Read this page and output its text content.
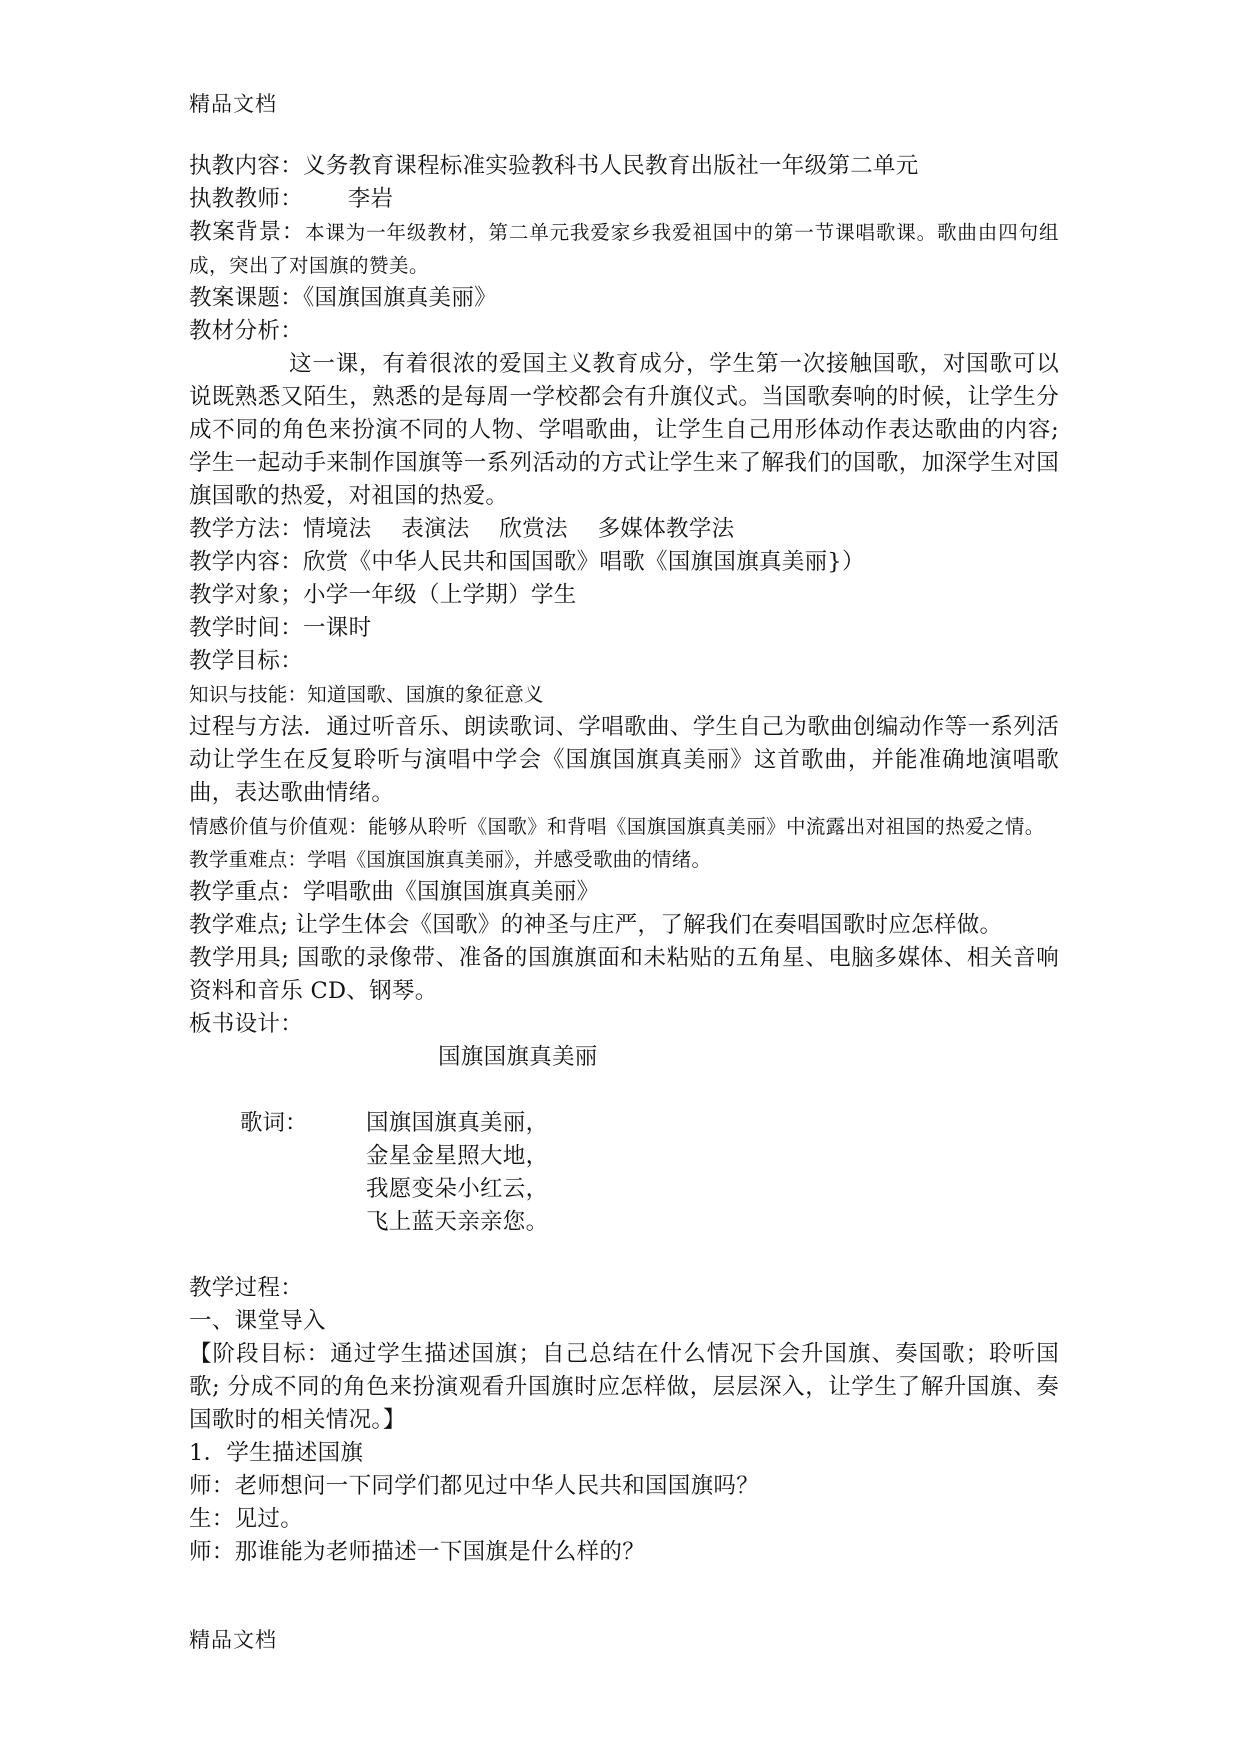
精品文档
执教内容：义务教育课程标准实验教科书人民教育出版社一年级第二单元
执教教师：      李岩
教案背景：本课为一年级教材，第二单元我爱家乡我爱祖国中的第一节课唱歌课。歌曲由四句组成，突出了对国旗的赞美。
教案课题：《国旗国旗真美丽》
教材分析：
这一课，有着很浓的爱国主义教育成分，学生第一次接触国歌，对国歌可以说既熟悉又陌生，熟悉的是每周一学校都会有升旗仪式。当国歌奏响的时候，让学生分成不同的角色来扮演不同的人物、学唱歌曲，让学生自己用形体动作表达歌曲的内容; 学生一起动手来制作国旗等一系列活动的方式让学生来了解我们的国歌，加深学生对国旗国歌的热爱，对祖国的热爱。
教学方法：情境法    表演法    欣赏法    多媒体教学法
教学内容：欣赏《中华人民共和国国歌》唱歌《国旗国旗真美丽}）
教学对象；小学一年级（上学期）学生
教学时间：一课时
教学目标：
知识与技能：知道国歌、国旗的象征意义
过程与方法．通过听音乐、朗读歌词、学唱歌曲、学生自己为歌曲创编动作等一系列活动让学生在反复聆听与演唱中学会《国旗国旗真美丽》这首歌曲，并能准确地演唱歌曲，表达歌曲情绪。
情感价值与价值观：能够从聆听《国歌》和背唱《国旗国旗真美丽》中流露出对祖国的热爱之情。
教学重难点：学唱《国旗国旗真美丽》，并感受歌曲的情绪。
教学重点：学唱歌曲《国旗国旗真美丽》
教学难点; 让学生体会《国歌》的神圣与庄严，了解我们在奏唱国歌时应怎样做。
教学用具; 国歌的录像带、准备的国旗旗面和未粘贴的五角星、电脑多媒体、相关音响资料和音乐 CD、钢琴。
板书设计：
国旗国旗真美丽
歌词：	国旗国旗真美丽，
金星金星照大地，
我愿变朵小红云，
飞上蓝天亲亲您。
教学过程：
一、课堂导入
【阶段目标：通过学生描述国旗；自己总结在什么情况下会升国旗、奏国歌；聆听国歌; 分成不同的角色来扮演观看升国旗时应怎样做，层层深入，让学生了解升国旗、奏国歌时的相关情况。】
1．学生描述国旗
师：老师想问一下同学们都见过中华人民共和国国旗吗？
生：见过。
师：那谁能为老师描述一下国旗是什么样的？
精品文档
